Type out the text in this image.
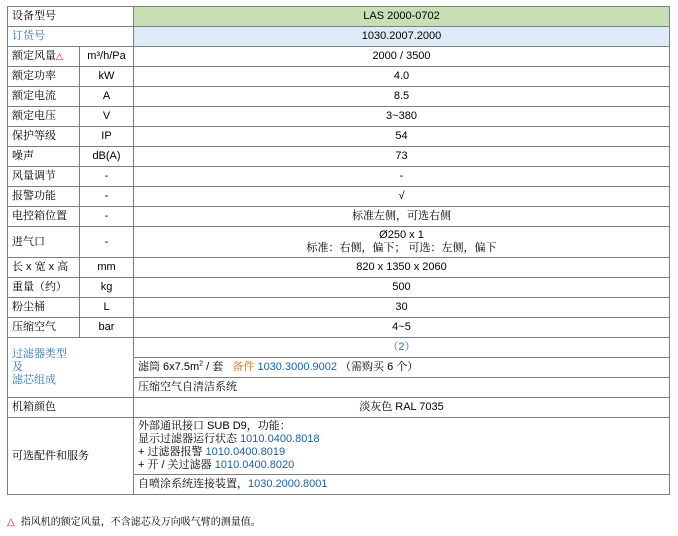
设备型号		LAS 2000-0702
订货号		1030.2007.2000
额定风量△	m³/h/Pa	2000 / 3500
额定功率	kW	4.0
额定电流	A	8.5
额定电压	V	3~380
保护等级	IP	54
噪声	dB(A)	73
风量调节	-	-
报警功能	-	√
电控箱位置	-	标准左侧，可选右侧
进气口	-	Ø250 x 1
标准：右侧，偏下； 可选：左侧，偏下

长 x 宽 x 高	mm	820 x 1350 x 2060
重量（约）	kg	500
粉尘桶	L	30
压缩空气	bar	4~5

过滤器类型
及
滤芯组成		（2）
		滤筒 $6x7.5m^2$ / 套 备件 1030.3000.9002 （需购买 6 个）
		压缩空气自清洁系统
机箱颜色		淡灰色 RAL 7035
可选配件和服务		外部通讯接口 SUB D9，功能：
显示过滤器运行状态 1010.0400.8018
+ 过滤器报警 1010.0400.8019
+ 开 / 关过滤器 1010.0400.8020

		自喷涂系统连接装置，1030.2000.8001
△ 指风机的额定风量，不含滤芯及万向吸气臂的测量值。
